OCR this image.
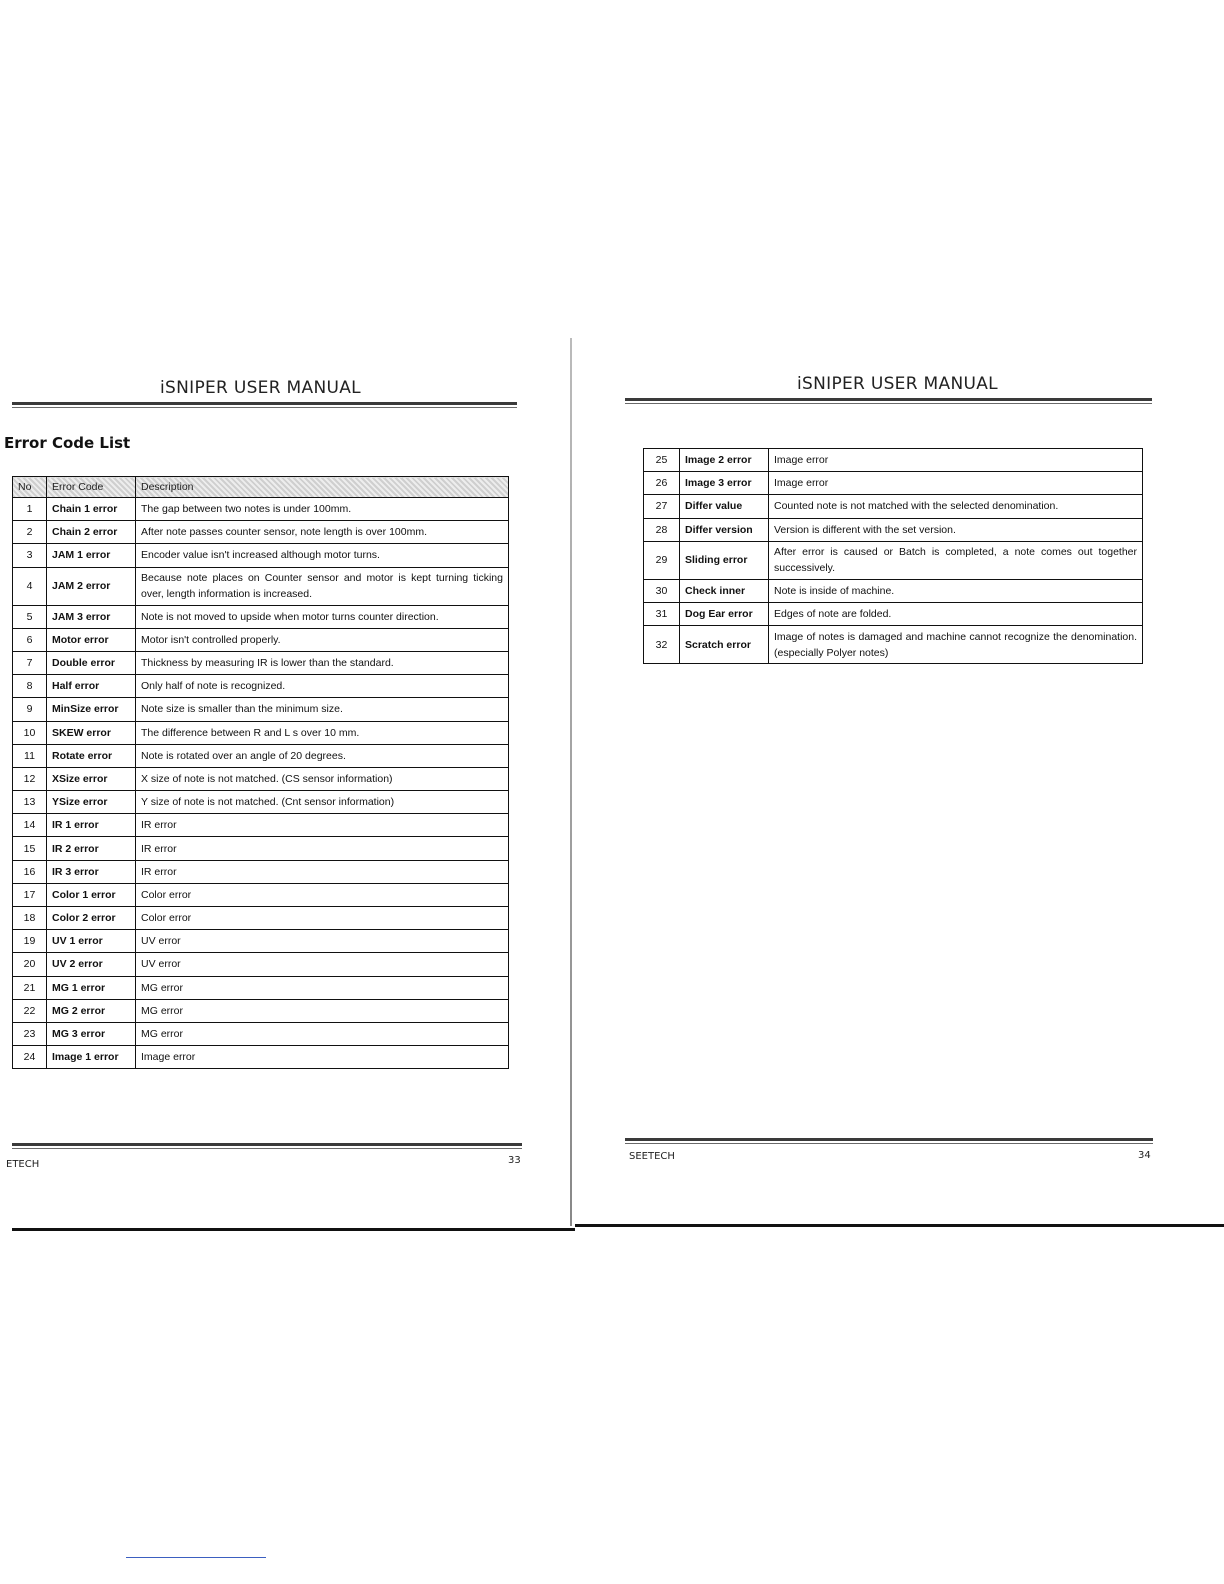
iSNIPER USER MANUAL
Error Code List
No	Error Code	Description
1	Chain 1 error	The gap between two notes is under 100mm.
2	Chain 2 error	After note passes counter sensor, note length is over 100mm.
3	JAM 1 error	Encoder value isn't increased although motor turns.
4	JAM 2 error	Because note places on Counter sensor and motor is kept turning ticking over, length information is increased.
5	JAM 3 error	Note is not moved to upside when motor turns counter direction.
6	Motor error	Motor isn't controlled properly.
7	Double error	Thickness by measuring IR is lower than the standard.
8	Half error	Only half of note is recognized.
9	MinSize error	Note size is smaller than the minimum size.
10	SKEW error	The difference between R and L s over 10 mm.
11	Rotate error	Note is rotated over an angle of 20 degrees.
12	XSize error	X size of note is not matched. (CS sensor information)
13	YSize error	Y size of note is not matched. (Cnt sensor information)
14	IR 1 error	IR error
15	IR 2 error	IR error
16	IR 3 error	IR error
17	Color 1 error	Color error
18	Color 2 error	Color error
19	UV 1 error	UV error
20	UV 2 error	UV error
21	MG 1 error	MG error
22	MG 2 error	MG error
23	MG 3 error	MG error
24	Image 1 error	Image error
ETECH	33
iSNIPER USER MANUAL
25	Image 2 error	Image error
26	Image 3 error	Image error
27	Differ value	Counted note is not matched with the selected denomination.
28	Differ version	Version is different with the set version.
29	Sliding error	After error is caused or Batch is completed, a note comes out together successively.
30	Check inner	Note is inside of machine.
31	Dog Ear error	Edges of note are folded.
32	Scratch error	Image of notes is damaged and machine cannot recognize the denomination. (especially Polyer notes)
SEETECH	34
